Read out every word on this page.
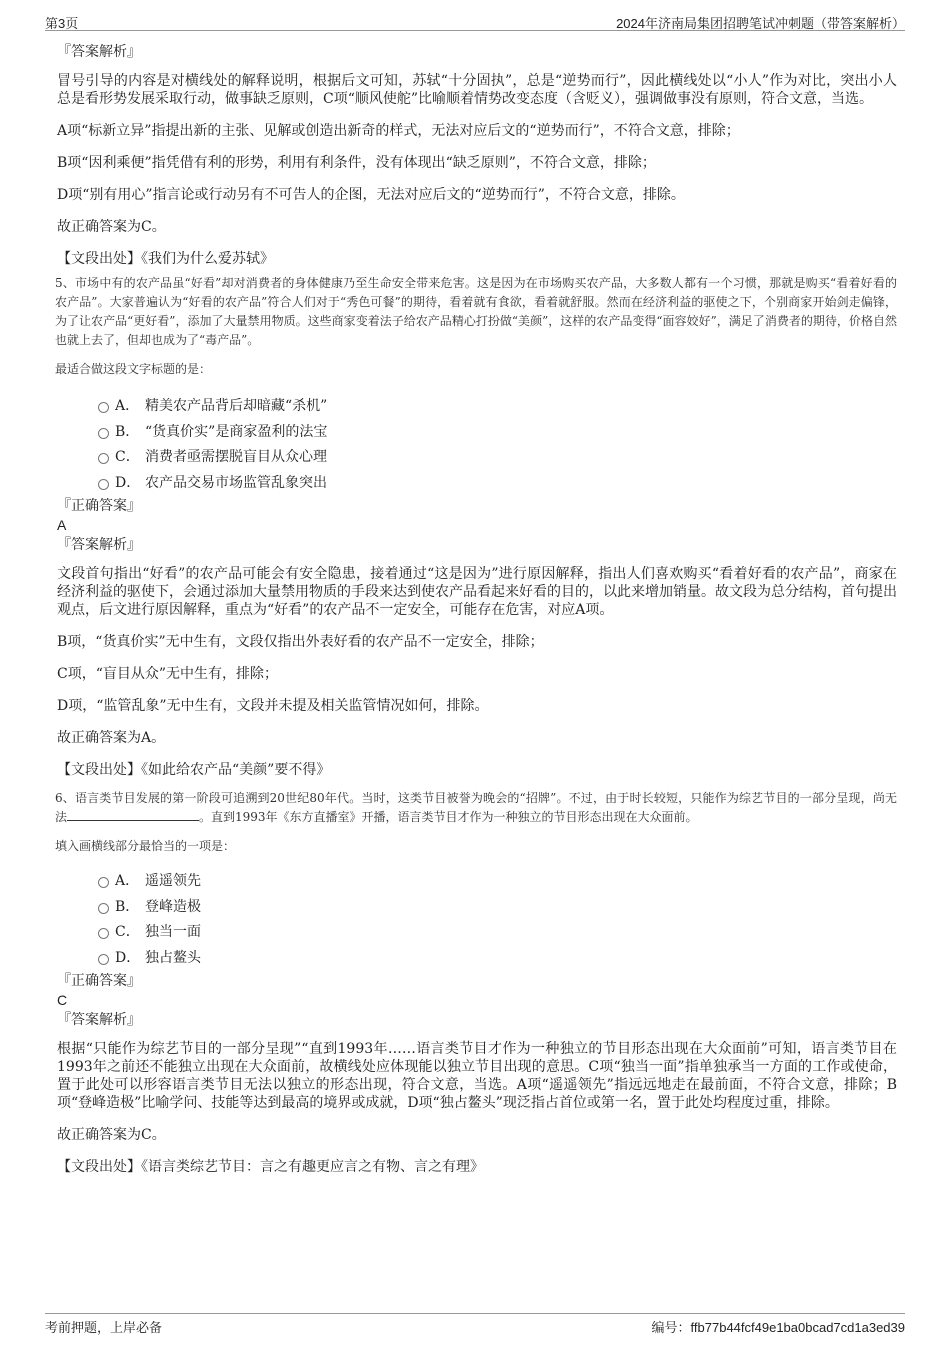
第3页	2024年济南局集团招聘笔试冲刺题（带答案解析）

『答案解析』

冒号引导的内容是对横线处的解释说明，根据后文可知，苏轼“十分固执”，总是“逆势而行”，因此横线处以“小人”作为对比，突出小人总是看形势发展采取行动，做事缺乏原则，C项“顺风使舵”比喻顺着情势改变态度（含贬义），强调做事没有原则，符合文意，当选。

A项“标新立异”指提出新的主张、见解或创造出新奇的样式，无法对应后文的“逆势而行”，不符合文意，排除；

B项“因利乘便”指凭借有利的形势，利用有利条件，没有体现出“缺乏原则”，不符合文意，排除；

D项“别有用心”指言论或行动另有不可告人的企图，无法对应后文的“逆势而行”，不符合文意，排除。

故正确答案为C。

【文段出处】《我们为什么爱苏轼》

5、市场中有的农产品虽“好看”却对消费者的身体健康乃至生命安全带来危害。这是因为在市场购买农产品，大多数人都有一个习惯，那就是购买“看着好看的农产品”。大家普遍认为“好看的农产品”符合人们对于“秀色可餐”的期待，看着就有食欲，看着就舒服。然而在经济利益的驱使之下，个别商家开始剑走偏锋，为了让农产品“更好看”，添加了大量禁用物质。这些商家变着法子给农产品精心打扮做“美颜”，这样的农产品变得“面容姣好”，满足了消费者的期待，价格自然也就上去了，但却也成为了“毒产品”。

最适合做这段文字标题的是：

A． 精美农产品背后却暗藏“杀机”
B． “货真价实”是商家盈利的法宝
C． 消费者亟需摆脱盲目从众心理
D． 农产品交易市场监管乱象突出

『正确答案』

A

『答案解析』

文段首句指出“好看”的农产品可能会有安全隐患，接着通过“这是因为”进行原因解释，指出人们喜欢购买“看着好看的农产品”，商家在经济利益的驱使下，会通过添加大量禁用物质的手段来达到使农产品看起来好看的目的，以此来增加销量。故文段为总分结构，首句提出观点，后文进行原因解释，重点为“好看”的农产品不一定安全，可能存在危害，对应A项。

B项，“货真价实”无中生有，文段仅指出外表好看的农产品不一定安全，排除；

C项，“盲目从众”无中生有，排除；

D项，“监管乱象”无中生有，文段并未提及相关监管情况如何，排除。

故正确答案为A。

【文段出处】《如此给农产品“美颜”要不得》

6、语言类节目发展的第一阶段可追溯到20世纪80年代。当时，这类节目被誉为晚会的“招牌”。不过，由于时长较短，只能作为综艺节目的一部分呈现，尚无法	。直到1993年《东方直播室》开播，语言类节目才作为一种独立的节目形态出现在大众面前。

填入画横线部分最恰当的一项是：

A． 遥遥领先
B． 登峰造极
C． 独当一面
D． 独占鳌头

『正确答案』

C

『答案解析』

根据“只能作为综艺节目的一部分呈现”“直到1993年……语言类节目才作为一种独立的节目形态出现在大众面前”可知，语言类节目在1993年之前还不能独立出现在大众面前，故横线处应体现能以独立节目出现的意思。C项“独当一面”指单独承当一方面的工作或使命，置于此处可以形容语言类节目无法以独立的形态出现，符合文意，当选。A项“遥遥领先”指远远地走在最前面，不符合文意，排除；B项“登峰造极”比喻学问、技能等达到最高的境界或成就，D项“独占鳌头”现泛指占首位或第一名，置于此处均程度过重，排除。

故正确答案为C。

【文段出处】《语言类综艺节目：言之有趣更应言之有物、言之有理》

考前押题，上岸必备	编号：ffb77b44fcf49e1ba0bcad7cd1a3ed39
